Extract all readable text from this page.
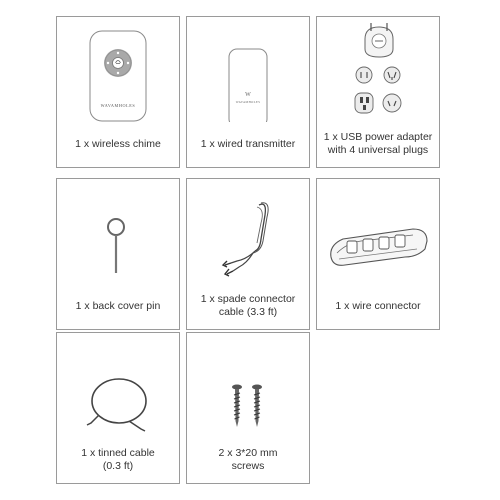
WAVAMHOLES
1 x wireless chime
W
WAVAMHOLES
1 x wired transmitter
1 x USB power adapter
with 4 universal plugs
1 x back cover pin
1 x spade connector
cable (3.3 ft)
1 x wire connector
1 x tinned cable
(0.3 ft)
2 x 3*20 mm
screws
